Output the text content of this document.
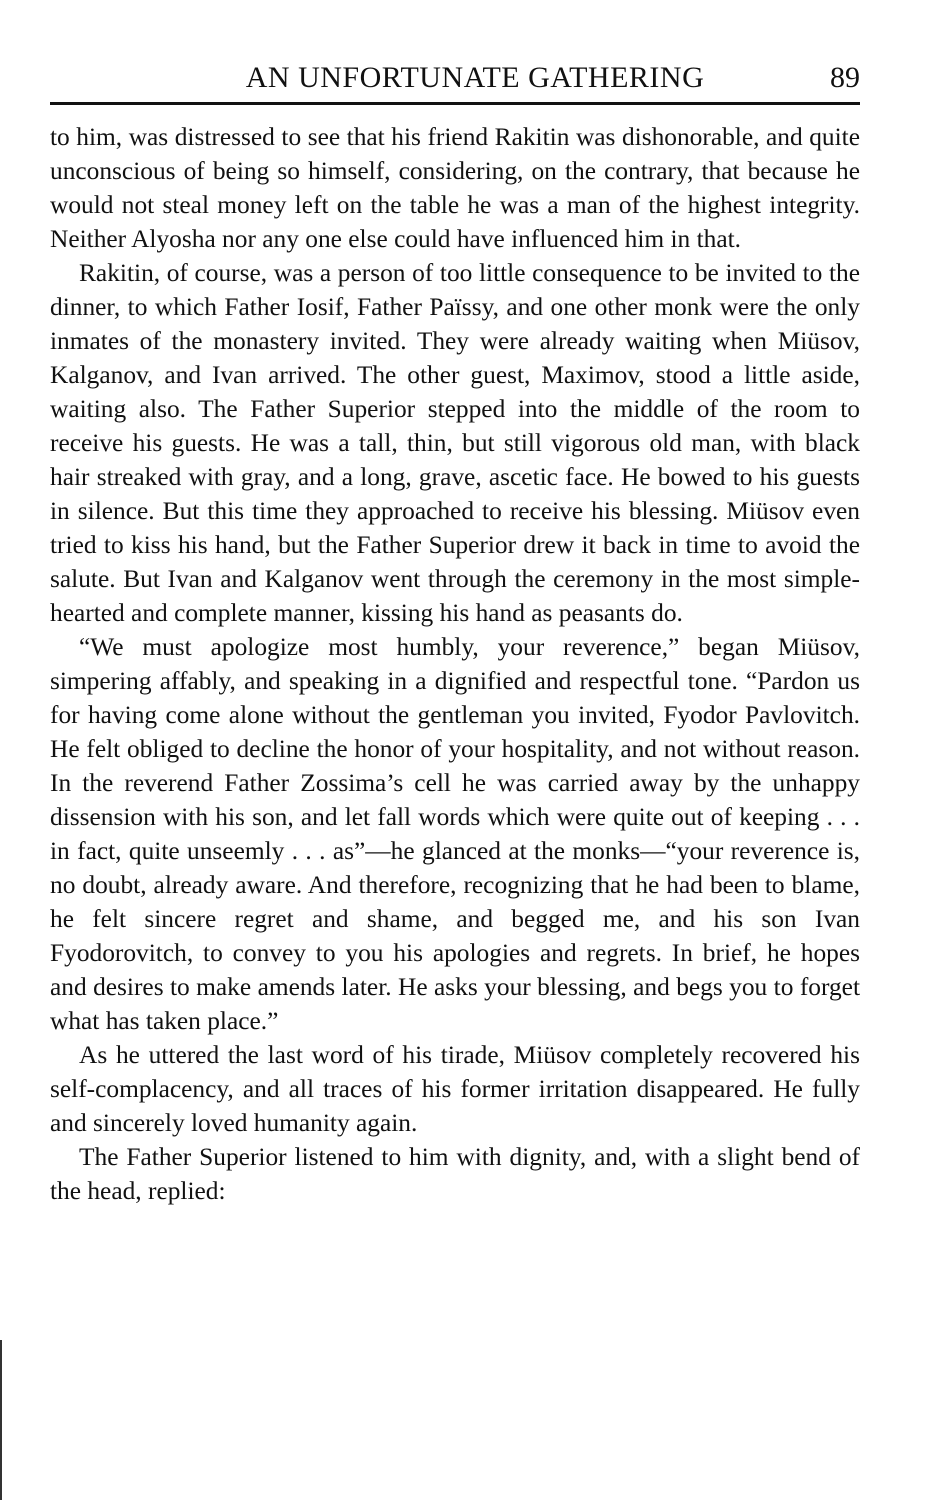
AN UNFORTUNATE GATHERING	89

to him, was distressed to see that his friend Rakitin was dishonorable, and quite unconscious of being so himself, considering, on the contrary, that because he would not steal money left on the table he was a man of the highest integrity. Neither Alyosha nor any one else could have influenced him in that.

Rakitin, of course, was a person of too little consequence to be invited to the dinner, to which Father Iosif, Father Païssy, and one other monk were the only inmates of the monastery invited. They were already waiting when Miüsov, Kalganov, and Ivan arrived. The other guest, Maximov, stood a little aside, waiting also. The Father Superior stepped into the middle of the room to receive his guests. He was a tall, thin, but still vigorous old man, with black hair streaked with gray, and a long, grave, ascetic face. He bowed to his guests in silence. But this time they approached to receive his blessing. Miüsov even tried to kiss his hand, but the Father Superior drew it back in time to avoid the salute. But Ivan and Kalganov went through the ceremony in the most simple-hearted and complete manner, kissing his hand as peasants do.

“We must apologize most humbly, your reverence,” began Miüsov, simpering affably, and speaking in a dignified and respectful tone. “Pardon us for having come alone without the gentleman you invited, Fyodor Pavlovitch. He felt obliged to decline the honor of your hospitality, and not without reason. In the reverend Father Zossima’s cell he was carried away by the unhappy dissension with his son, and let fall words which were quite out of keeping . . . in fact, quite unseemly . . . as”—he glanced at the monks—“your reverence is, no doubt, already aware. And therefore, recognizing that he had been to blame, he felt sincere regret and shame, and begged me, and his son Ivan Fyodorovitch, to convey to you his apologies and regrets. In brief, he hopes and desires to make amends later. He asks your blessing, and begs you to forget what has taken place.”

As he uttered the last word of his tirade, Miüsov completely recovered his self-complacency, and all traces of his former irritation disappeared. He fully and sincerely loved humanity again.

The Father Superior listened to him with dignity, and, with a slight bend of the head, replied:
